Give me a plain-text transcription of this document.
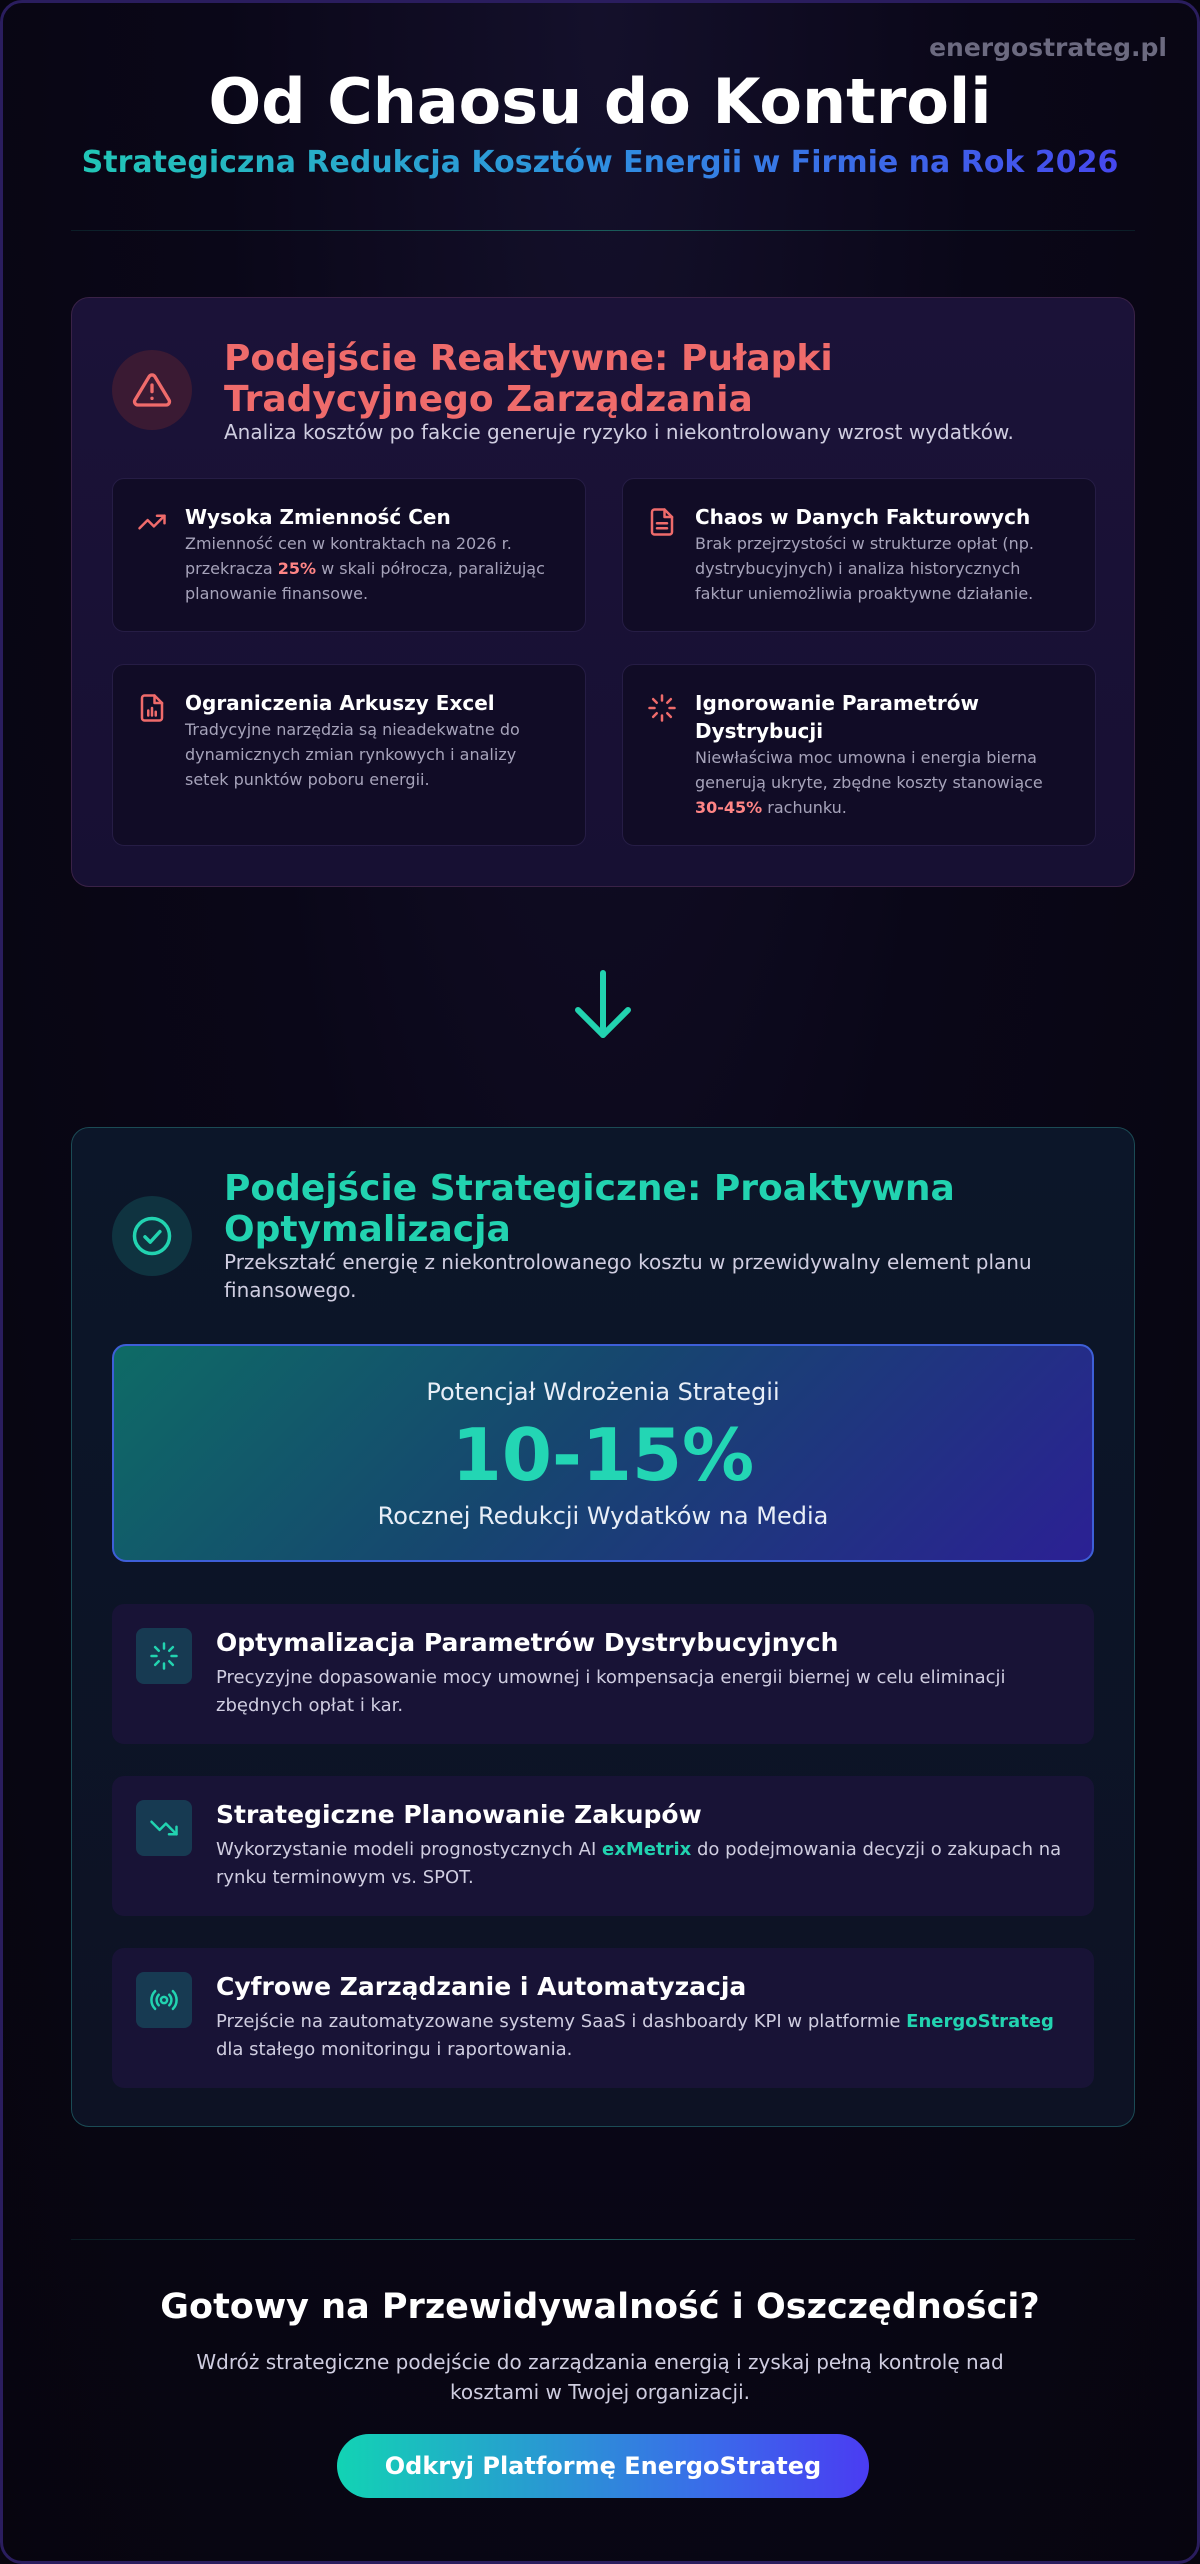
energostrateg.pl
Od Chaosu do Kontroli
Strategiczna Redukcja Kosztów Energii w Firmie na Rok 2026
Podejście Reaktywne: Pułapki Tradycyjnego Zarządzania
Analiza kosztów po fakcie generuje ryzyko i niekontrolowany wzrost wydatków.
Wysoka Zmienność Cen
Zmienność cen w kontraktach na 2026 r. przekracza 25% w skali półrocza, paraliżując planowanie finansowe.
Chaos w Danych Fakturowych
Brak przejrzystości w strukturze opłat (np. dystrybucyjnych) i analiza historycznych faktur uniemożliwia proaktywne działanie.
Ograniczenia Arkuszy Excel
Tradycyjne narzędzia są nieadekwatne do dynamicznych zmian rynkowych i analizy setek punktów poboru energii.
Ignorowanie Parametrów Dystrybucji
Niewłaściwa moc umowna i energia bierna generują ukryte, zbędne koszty stanowiące 30-45% rachunku.
Podejście Strategiczne: Proaktywna Optymalizacja
Przekształć energię z niekontrolowanego kosztu w przewidywalny element planu finansowego.
Potencjał Wdrożenia Strategii
10-15%
Rocznej Redukcji Wydatków na Media
Optymalizacja Parametrów Dystrybucyjnych
Precyzyjne dopasowanie mocy umownej i kompensacja energii biernej w celu eliminacji zbędnych opłat i kar.
Strategiczne Planowanie Zakupów
Wykorzystanie modeli prognostycznych AI exMetrix do podejmowania decyzji o zakupach na rynku terminowym vs. SPOT.
Cyfrowe Zarządzanie i Automatyzacja
Przejście na zautomatyzowane systemy SaaS i dashboardy KPI w platformie EnergoStrateg dla stałego monitoringu i raportowania.
Gotowy na Przewidywalność i Oszczędności?
Wdróż strategiczne podejście do zarządzania energią i zyskaj pełną kontrolę nad kosztami w Twojej organizacji.
Odkryj Platformę EnergoStrateg
